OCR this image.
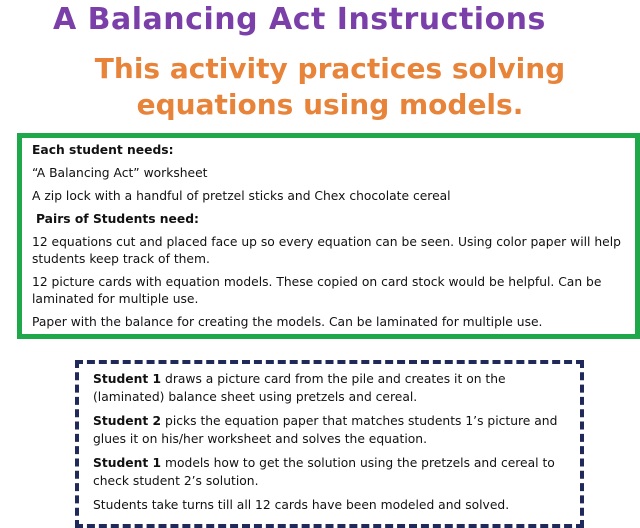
A Balancing Act Instructions
This activity practices solving
equations using models.

Each student needs:

“A Balancing Act” worksheet

A zip lock with a handful of pretzel sticks and Chex chocolate cereal

Pairs of Students need:

12 equations cut and placed face up so every equation can be seen. Using color paper will help students keep track of them.

12 picture cards with equation models. These copied on card stock would be helpful. Can be laminated for multiple use.

Paper with the balance for creating the models. Can be laminated for multiple use.

Student 1 draws a picture card from the pile and creates it on the (laminated) balance sheet using pretzels and cereal.

Student 2 picks the equation paper that matches students 1’s picture and glues it on his/her worksheet and solves the equation.

Student 1 models how to get the solution using the pretzels and cereal to check student 2’s solution.

Students take turns till all 12 cards have been modeled and solved.
